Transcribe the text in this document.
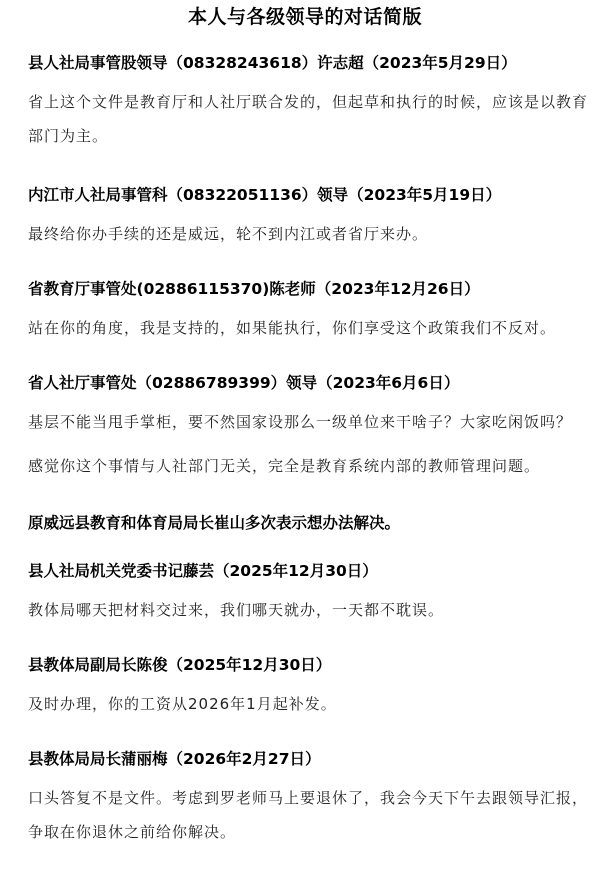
本人与各级领导的对话简版
县人社局事管股领导（08328243618）许志超（2023年5月29日）

省上这个文件是教育厅和人社厅联合发的，但起草和执行的时候，应该是以教育部门为主。

内江市人社局事管科（08322051136）领导（2023年5月19日）

最终给你办手续的还是威远，轮不到内江或者省厅来办。

省教育厅事管处(02886115370)陈老师（2023年12月26日）

站在你的角度，我是支持的，如果能执行，你们享受这个政策我们不反对。

省人社厅事管处（02886789399）领导（2023年6月6日）

基层不能当甩手掌柜，要不然国家设那么一级单位来干啥子？大家吃闲饭吗？

感觉你这个事情与人社部门无关，完全是教育系统内部的教师管理问题。

原威远县教育和体育局局长崔山多次表示想办法解决。
县人社局机关党委书记藤芸（2025年12月30日）

教体局哪天把材料交过来，我们哪天就办，一天都不耽误。

县教体局副局长陈俊（2025年12月30日）

及时办理，你的工资从2026年1月起补发。

县教体局局长蒲丽梅（2026年2月27日）

口头答复不是文件。考虑到罗老师马上要退休了，我会今天下午去跟领导汇报，争取在你退休之前给你解决。
